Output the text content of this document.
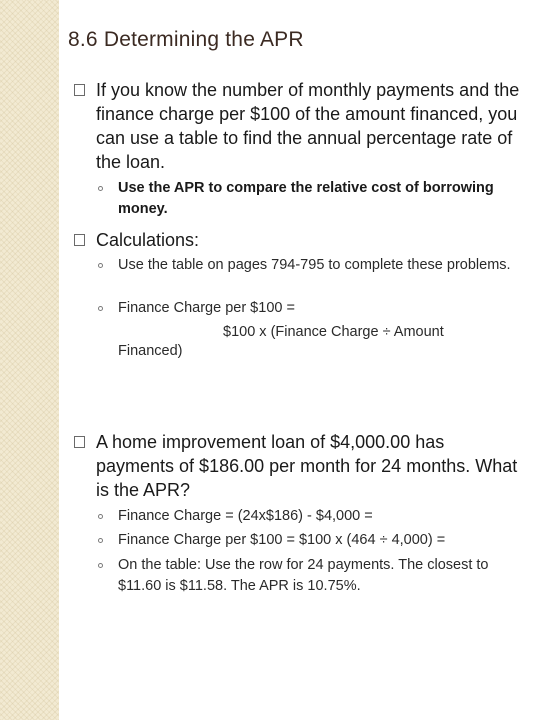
8.6 Determining the APR

If you know the number of monthly payments and the finance charge per $100 of the amount financed, you can use a table to find the annual percentage rate of the loan.

Use the APR to compare the relative cost of borrowing money.

Calculations:

Use the table on pages 794-795 to complete these problems.

Finance Charge per $100 =

A home improvement loan of $4,000.00 has payments of $186.00 per month for 24 months. What is the APR?

Finance Charge = (24x$186) - $4,000 =

Finance Charge per $100 = $100 x (464 ÷ 4,000) =

On the table: Use the row for 24 payments. The closest to $11.60 is $11.58. The APR is 10.75%.

$100 x (Finance Charge ÷ Amount

Financed)
